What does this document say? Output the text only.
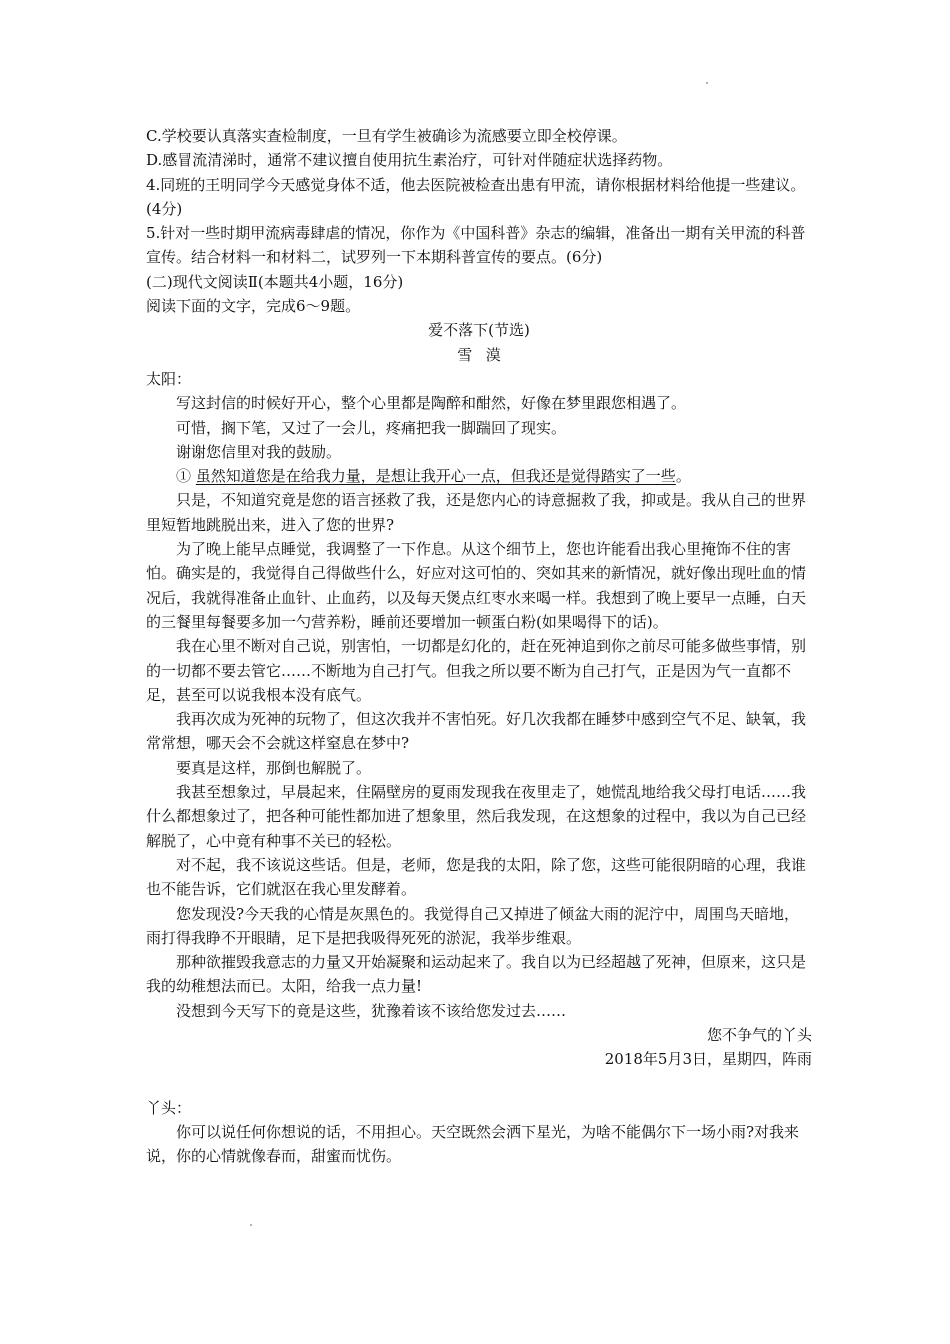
C.学校要认真落实查检制度，一旦有学生被确诊为流感要立即全校停课。

D.感冒流清涕时，通常不建议擅自使用抗生素治疗，可针对伴随症状选择药物。

4.同班的王明同学今天感觉身体不适，他去医院被检查出患有甲流，请你根据材料给他提一些建议。(4分)

5.针对一些时期甲流病毒肆虐的情况，你作为《中国科普》杂志的编辑，准备出一期有关甲流的科普宣传。结合材料一和材料二，试罗列一下本期科普宣传的要点。(6分)

(二)现代文阅读Ⅱ(本题共4小题，16分)

阅读下面的文字，完成6～9题。

爱不落下(节选)

雪漠

太阳：

写这封信的时候好开心，整个心里都是陶醉和酣然，好像在梦里跟您相遇了。

可惜，搁下笔，又过了一会儿，疼痛把我一脚踹回了现实。

谢谢您信里对我的鼓励。

① 虽然知道您是在给我力量，是想让我开心一点，但我还是觉得踏实了一些。

只是，不知道究竟是您的语言拯救了我，还是您内心的诗意掘救了我，抑或是。我从自己的世界里短暂地跳脱出来，进入了您的世界?

为了晚上能早点睡觉，我调整了一下作息。从这个细节上，您也许能看出我心里掩饰不住的害怕。确实是的，我觉得自己得做些什么，好应对这可怕的、突如其来的新情况，就好像出现吐血的情况后，我就得准备止血针、止血药，以及每天煲点红枣水来喝一样。我想到了晚上要早一点睡，白天的三餐里每餐要多加一勺营养粉，睡前还要增加一顿蛋白粉(如果喝得下的话)。

我在心里不断对自己说，别害怕，一切都是幻化的，赶在死神追到你之前尽可能多做些事情，别的一切都不要去管它……不断地为自己打气。但我之所以要不断为自己打气，正是因为气一直都不足，甚至可以说我根本没有底气。

我再次成为死神的玩物了，但这次我并不害怕死。好几次我都在睡梦中感到空气不足、缺氧，我常常想，哪天会不会就这样窒息在梦中?

要真是这样，那倒也解脱了。

我甚至想象过，早晨起来，住隔壁房的夏雨发现我在夜里走了，她慌乱地给我父母打电话……我什么都想象过了，把各种可能性都加进了想象里，然后我发现，在这想象的过程中，我以为自己已经解脱了，心中竟有种事不关已的轻松。

对不起，我不该说这些话。但是，老师，您是我的太阳，除了您，这些可能很阴暗的心理，我谁也不能告诉，它们就沤在我心里发酵着。

您发现没?今天我的心情是灰黑色的。我觉得自己又掉进了倾盆大雨的泥泞中，周围鸟天暗地，雨打得我睁不开眼睛，足下是把我吸得死死的淤泥，我举步维艰。

那种欲摧毁我意志的力量又开始凝聚和运动起来了。我自以为已经超越了死神，但原来，这只是我的幼稚想法而已。太阳，给我一点力量!

没想到今天写下的竟是这些，犹豫着该不该给您发过去……

您不争气的丫头

2018年5月3日，星期四，阵雨

丫头：

你可以说任何你想说的话，不用担心。天空既然会洒下星光，为啥不能偶尔下一场小雨?对我来说，你的心情就像春而，甜蜜而忧伤。
